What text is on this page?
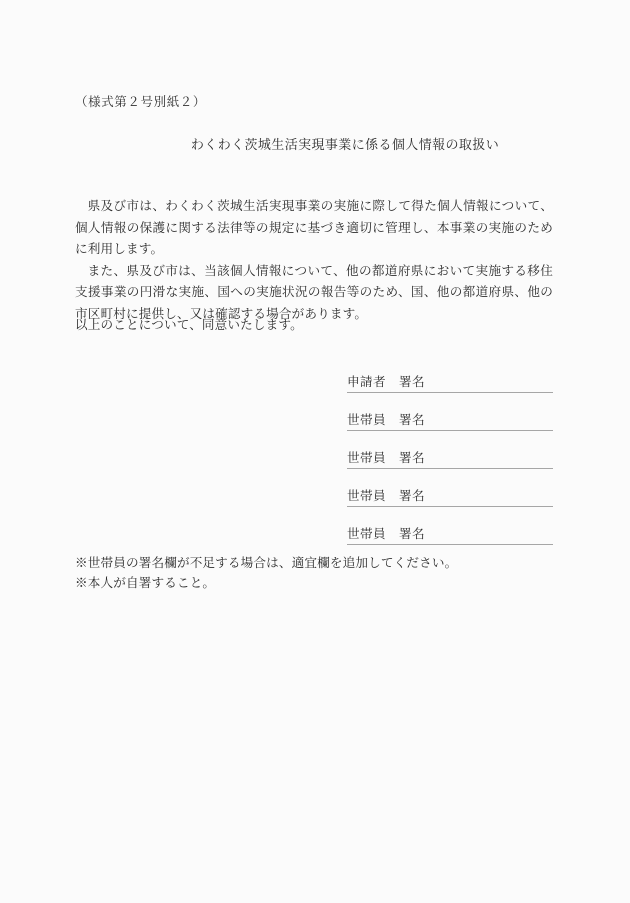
（様式第２号別紙２）
わくわく茨城生活実現事業に係る個人情報の取扱い

県及び市は、わくわく茨城生活実現事業の実施に際して得た個人情報について、個人情報の保護に関する法律等の規定に基づき適切に管理し、本事業の実施のために利用します。

また、県及び市は、当該個人情報について、他の都道府県において実施する移住支援事業の円滑な実施、国への実施状況の報告等のため、国、他の都道府県、他の市区町村に提供し、又は確認する場合があります。

以上のことについて、同意いたします。
申請者　署名
世帯員　署名
世帯員　署名
世帯員　署名
世帯員　署名
※世帯員の署名欄が不足する場合は、適宜欄を追加してください。
※本人が自署すること。
